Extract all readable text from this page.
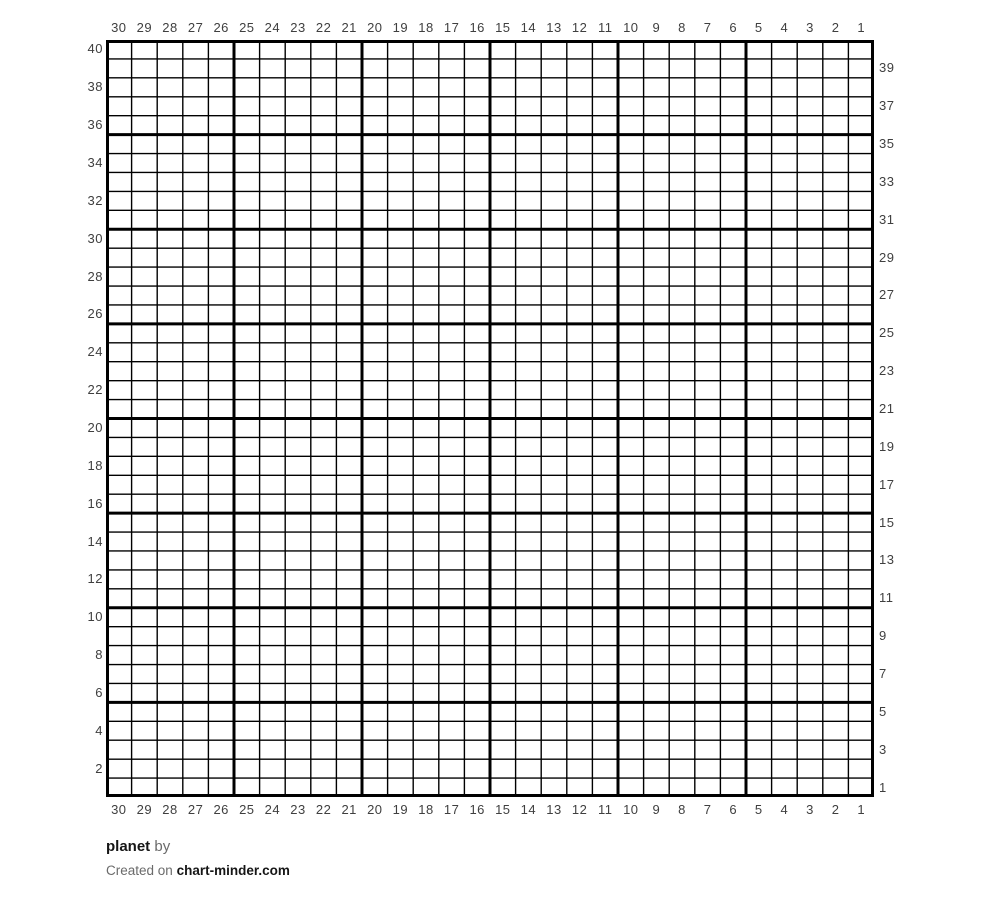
30 29 28 27 26 25 24 23 22 21 20 19 18 17 16 15 14 13 12 11 10 9 8 7 6 5 4 3 2 1
30 29 28 27 26 25 24 23 22 21 20 19 18 17 16 15 14 13 12 11 10 9 8 7 6 5 4 3 2 1
40
38
36
34
32
30
28
26
24
22
20
18
16
14
12
10
8
6
4
2
39
37
35
33
31
29
27
25
23
21
19
17
15
13
11
9
7
5
3
1
planet by
Created on chart-minder.com
